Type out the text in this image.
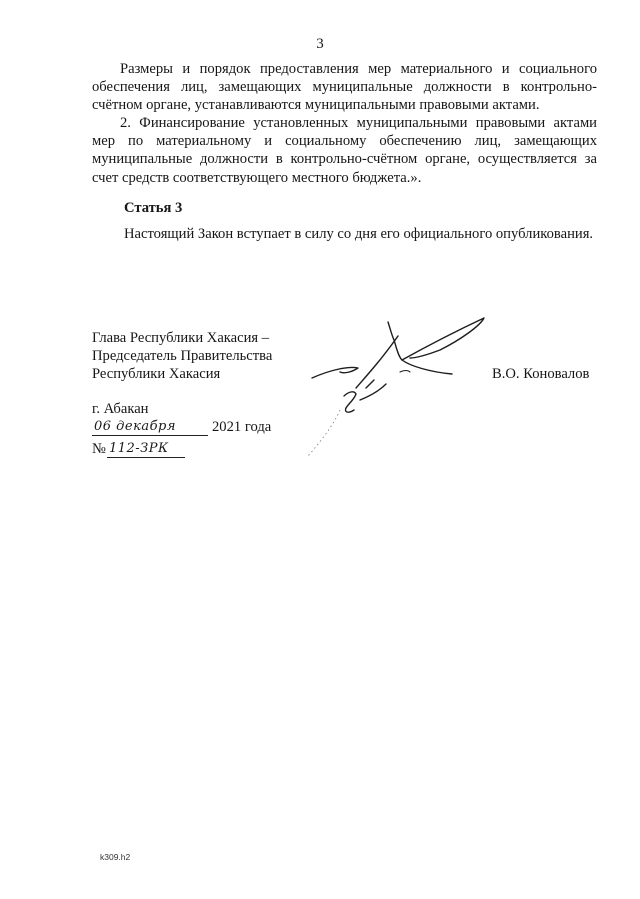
3

Размеры и порядок предоставления мер материального и социального обеспечения лиц, замещающих муниципальные должности в контрольно-счётном органе, устанавливаются муниципальными правовыми актами.

2. Финансирование установленных муниципальными правовыми актами мер по материальному и социальному обеспечению лиц, замещающих муниципальные должности в контрольно-счётном органе, осуществляется за счет средств соответствующего местного бюджета.».

Статья 3
Настоящий Закон вступает в силу со дня его официального опубликования.
Глава Республики Хакасия –
Председатель Правительства
Республики Хакасия	В.О. Коновалов
г. Абакан
06 декабря 2021 года
№ 112-ЗРК
k309.h2
